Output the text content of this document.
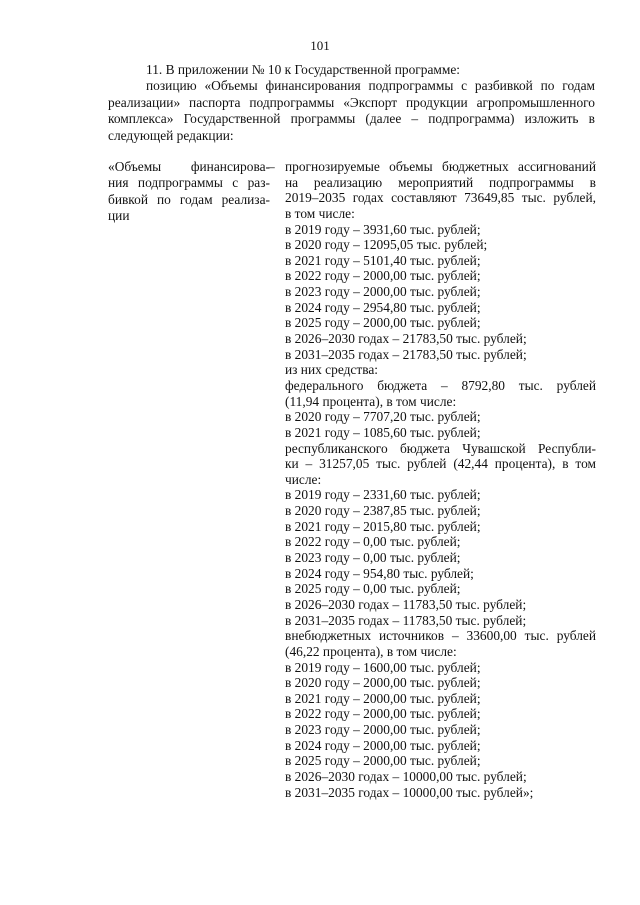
101

11. В приложении № 10 к Государственной программе:

позицию «Объемы финансирования подпрограммы с разбивкой по годам

реализации» паспорта подпрограммы «Экспорт продукции агропромышленного

комплекса» Государственной программы (далее – подпрограмма) изложить в

следующей редакции:

«Объемы финансирова-
ния подпрограммы с раз-
бивкой по годам реализа-
ции
– прогнозируемые объемы бюджетных ассигнований
на реализацию мероприятий подпрограммы в
2019–2035 годах составляют 73649,85 тыс. рублей,
в том числе:
в 2019 году – 3931,60 тыс. рублей;
в 2020 году – 12095,05 тыс. рублей;
в 2021 году – 5101,40 тыс. рублей;
в 2022 году – 2000,00 тыс. рублей;
в 2023 году – 2000,00 тыс. рублей;
в 2024 году – 2954,80 тыс. рублей;
в 2025 году – 2000,00 тыс. рублей;
в 2026–2030 годах – 21783,50 тыс. рублей;
в 2031–2035 годах – 21783,50 тыс. рублей;
из них средства:
федерального бюджета – 8792,80 тыс. рублей
(11,94 процента), в том числе:
в 2020 году – 7707,20 тыс. рублей;
в 2021 году – 1085,60 тыс. рублей;
республиканского бюджета Чувашской Республи-
ки – 31257,05 тыс. рублей (42,44 процента), в том
числе:
в 2019 году – 2331,60 тыс. рублей;
в 2020 году – 2387,85 тыс. рублей;
в 2021 году – 2015,80 тыс. рублей;
в 2022 году – 0,00 тыс. рублей;
в 2023 году – 0,00 тыс. рублей;
в 2024 году – 954,80 тыс. рублей;
в 2025 году – 0,00 тыс. рублей;
в 2026–2030 годах – 11783,50 тыс. рублей;
в 2031–2035 годах – 11783,50 тыс. рублей;
внебюджетных источников – 33600,00 тыс. рублей
(46,22 процента), в том числе:
в 2019 году – 1600,00 тыс. рублей;
в 2020 году – 2000,00 тыс. рублей;
в 2021 году – 2000,00 тыс. рублей;
в 2022 году – 2000,00 тыс. рублей;
в 2023 году – 2000,00 тыс. рублей;
в 2024 году – 2000,00 тыс. рублей;
в 2025 году – 2000,00 тыс. рублей;
в 2026–2030 годах – 10000,00 тыс. рублей;
в 2031–2035 годах – 10000,00 тыс. рублей»;
